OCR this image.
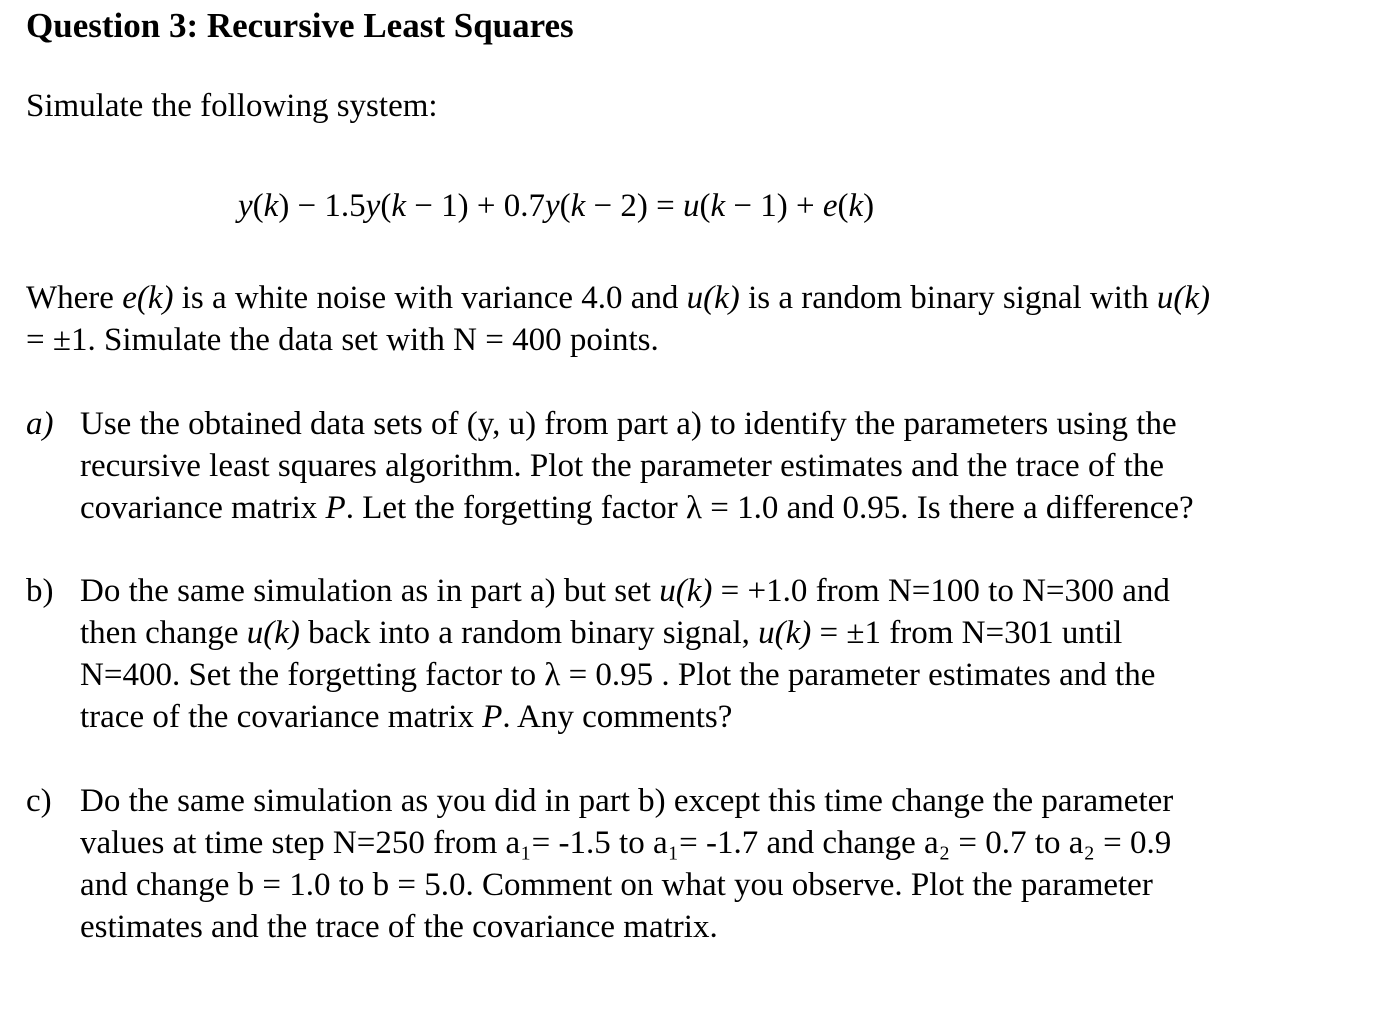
Question 3: Recursive Least Squares
Simulate the following system:
y(k) − 1.5y(k − 1) + 0.7y(k − 2) = u(k − 1) + e(k)
Where e(k) is a white noise with variance 4.0 and u(k) is a random binary signal with u(k)
= ±1. Simulate the data set with N = 400 points.
a) Use the obtained data sets of (y, u) from part a) to identify the parameters using the
recursive least squares algorithm. Plot the parameter estimates and the trace of the
covariance matrix P. Let the forgetting factor λ = 1.0 and 0.95. Is there a difference?
b) Do the same simulation as in part a) but set u(k) = +1.0 from N=100 to N=300 and
then change u(k) back into a random binary signal, u(k) = ±1 from N=301 until
N=400. Set the forgetting factor to λ = 0.95 . Plot the parameter estimates and the
trace of the covariance matrix P. Any comments?
c) Do the same simulation as you did in part b) except this time change the parameter
values at time step N=250 from a₁= -1.5 to a₁= -1.7 and change a₂ = 0.7 to a₂ = 0.9
and change b = 1.0 to b = 5.0. Comment on what you observe. Plot the parameter
estimates and the trace of the covariance matrix.
